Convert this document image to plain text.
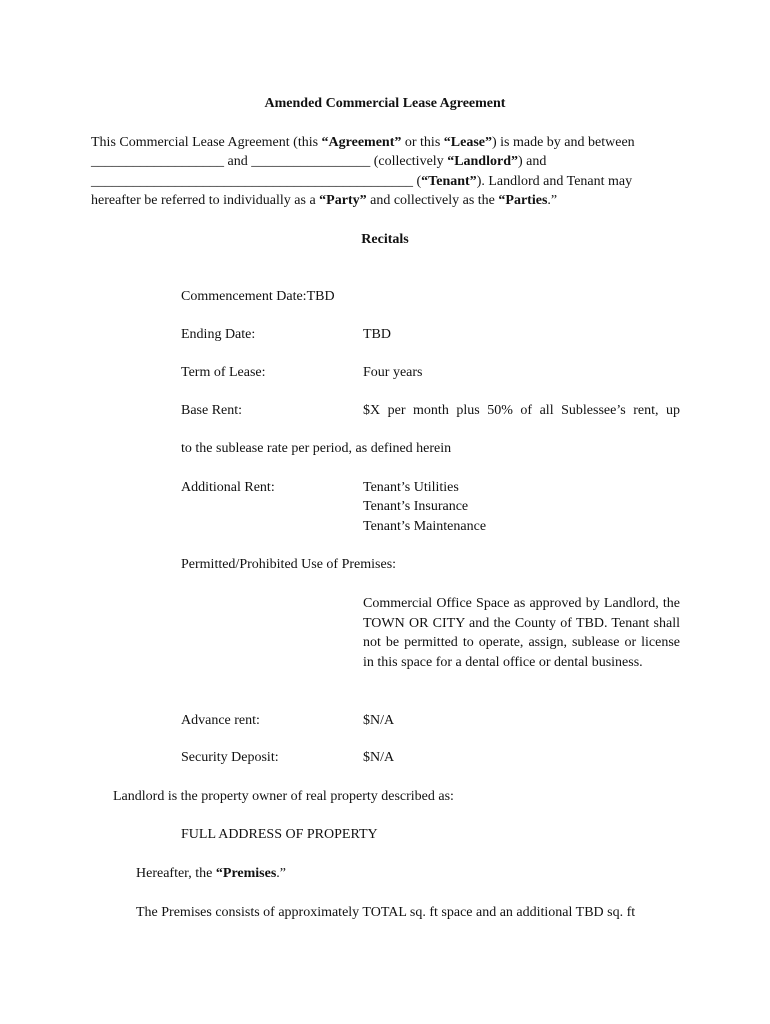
Amended Commercial Lease Agreement
This Commercial Lease Agreement (this “Agreement” or this “Lease”) is made by and between
___________________ and _________________ (collectively “Landlord”) and
______________________________________________ (“Tenant”). Landlord and Tenant may
hereafter be referred to individually as a “Party” and collectively as the “Parties.”
Recitals
Commencement Date:TBD
Ending Date:	TBD
Term of Lease:	Four years
Base Rent:	$X per month plus 50% of all Sublessee’s rent, up
to the sublease rate per period, as defined herein
Additional Rent:	Tenant’s Utilities
Tenant’s Insurance
Tenant’s Maintenance
Permitted/Prohibited Use of Premises:
Commercial Office Space as approved by Landlord, the TOWN OR CITY and the County of TBD. Tenant shall not be permitted to operate, assign, sublease or license in this space for a dental office or dental business.
Advance rent:	$N/A
Security Deposit:	$N/A
Landlord is the property owner of real property described as:
FULL ADDRESS OF PROPERTY
Hereafter, the “Premises.”
The Premises consists of approximately TOTAL sq. ft space and an additional TBD sq. ft
